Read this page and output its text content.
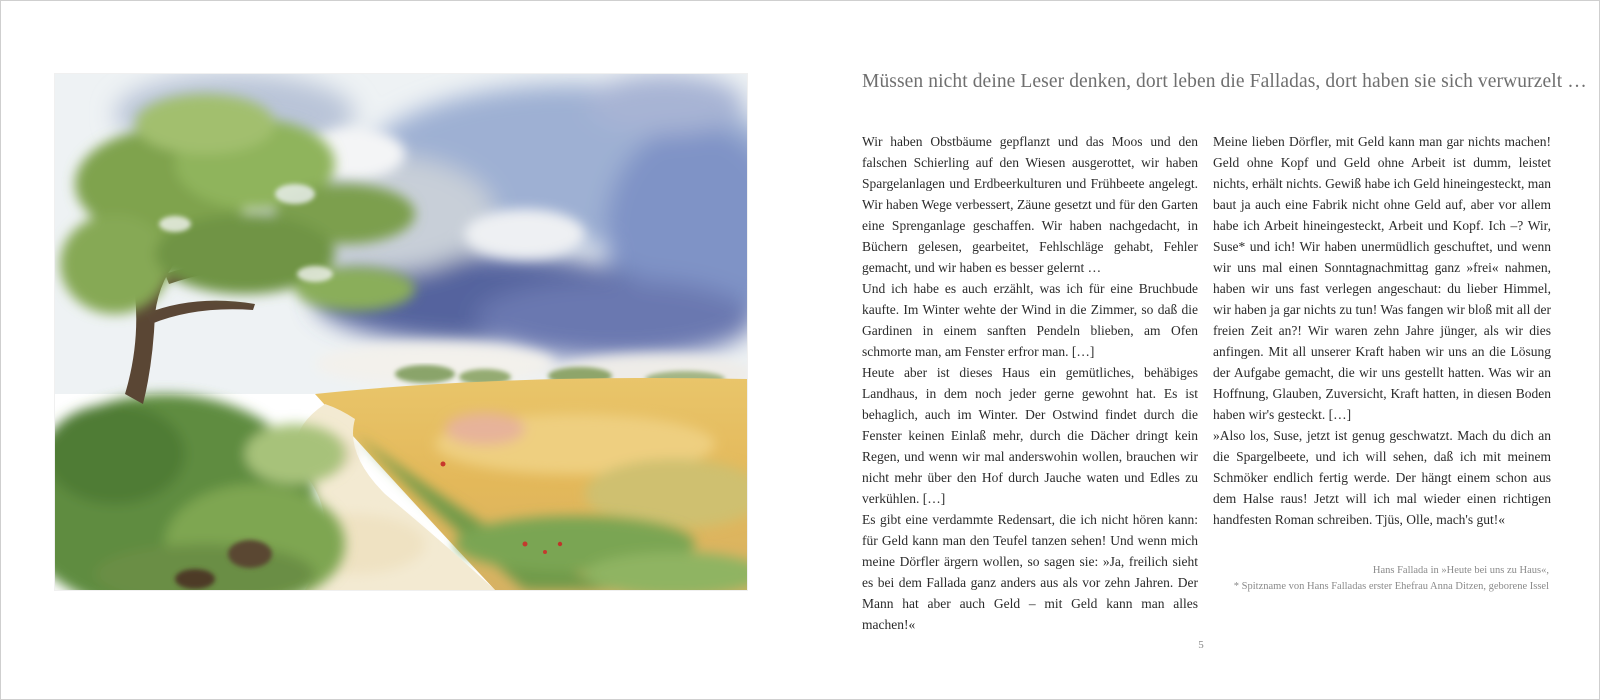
Müssen nicht deine Leser denken, dort leben die Falladas, dort haben sie sich verwurzelt …

Wir haben Obstbäume gepflanzt und das Moos und den falschen Schierling auf den Wiesen ausgerottet, wir haben Spargelanlagen und Erdbeerkulturen und Frühbeete angelegt. Wir haben Wege verbessert, Zäune gesetzt und für den Garten eine Sprenganlage geschaffen. Wir haben nachgedacht, in Büchern gelesen, gearbeitet, Fehlschläge gehabt, Fehler gemacht, und wir haben es besser gelernt …

Und ich habe es auch erzählt, was ich für eine Bruchbude kaufte. Im Winter wehte der Wind in die Zimmer, so daß die Gardinen in einem sanften Pendeln blieben, am Ofen schmorte man, am Fenster erfror man. […]

Heute aber ist dieses Haus ein gemütliches, behäbiges Landhaus, in dem noch jeder gerne gewohnt hat. Es ist behaglich, auch im Winter. Der Ostwind findet durch die Fenster keinen Einlaß mehr, durch die Dächer dringt kein Regen, und wenn wir mal anderswohin wollen, brauchen wir nicht mehr über den Hof durch Jauche waten und Edles zu verkühlen. […]

Es gibt eine verdammte Redensart, die ich nicht hören kann: für Geld kann man den Teufel tanzen sehen! Und wenn mich meine Dörfler ärgern wollen, so sagen sie: »Ja, freilich sieht es bei dem Fallada ganz anders aus als vor zehn Jahren. Der Mann hat aber auch Geld – mit Geld kann man alles machen!«

Meine lieben Dörfler, mit Geld kann man gar nichts machen! Geld ohne Kopf und Geld ohne Arbeit ist dumm, leistet nichts, erhält nichts. Gewiß habe ich Geld hineingesteckt, man baut ja auch eine Fabrik nicht ohne Geld auf, aber vor allem habe ich Arbeit hineingesteckt, Arbeit und Kopf. Ich –? Wir, Suse* und ich! Wir haben unermüdlich geschuftet, und wenn wir uns mal einen Sonntagnachmittag ganz »frei« nahmen, haben wir uns fast verlegen angeschaut: du lieber Himmel, wir haben ja gar nichts zu tun! Was fangen wir bloß mit all der freien Zeit an?! Wir waren zehn Jahre jünger, als wir dies anfingen. Mit all unserer Kraft haben wir uns an die Lösung der Aufgabe gemacht, die wir uns gestellt hatten. Was wir an Hoffnung, Glauben, Zuversicht, Kraft hatten, in diesen Boden haben wir's gesteckt. […]

»Also los, Suse, jetzt ist genug geschwatzt. Mach du dich an die Spargelbeete, und ich will sehen, daß ich mit meinem Schmöker endlich fertig werde. Der hängt einem schon aus dem Halse raus! Jetzt will ich mal wieder einen richtigen handfesten Roman schreiben. Tjüs, Olle, mach's gut!«

Hans Fallada in »Heute bei uns zu Haus«,
* Spitzname von Hans Falladas erster Ehefrau Anna Ditzen, geborene Issel
5
